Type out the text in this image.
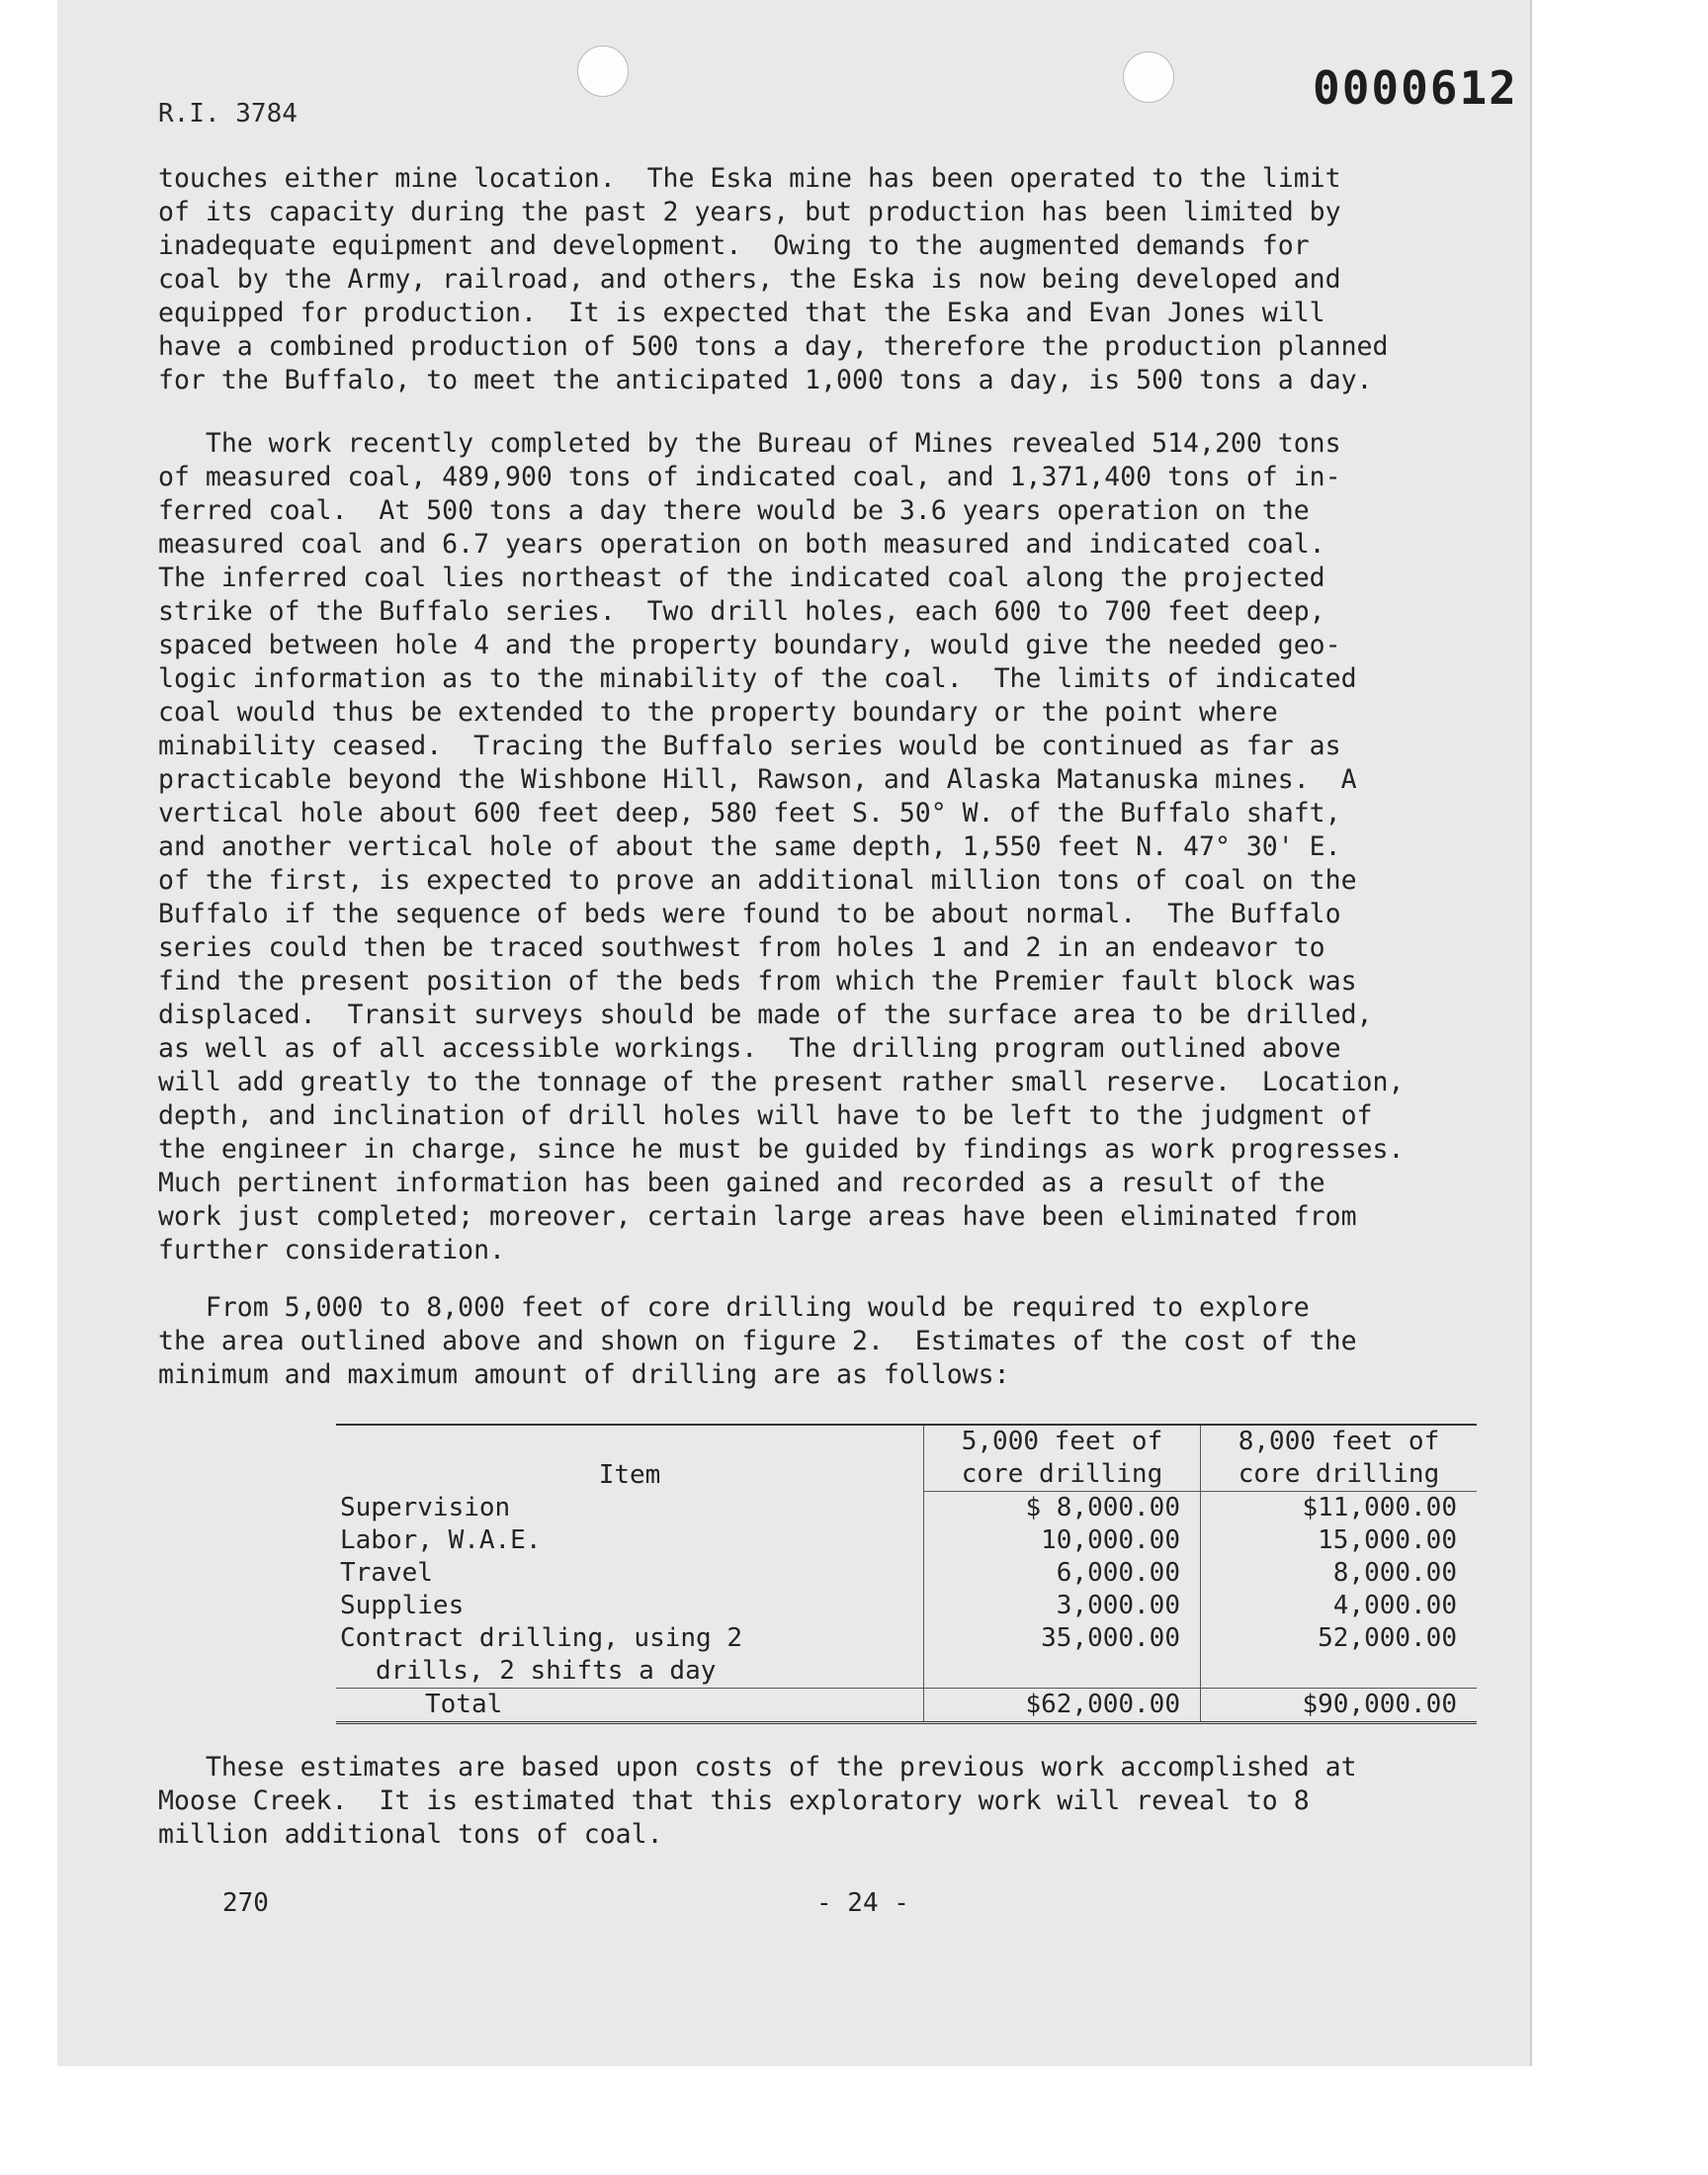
0000612
R.I. 3784
touches either mine location.  The Eska mine has been operated to the limit
of its capacity during the past 2 years, but production has been limited by
inadequate equipment and development.  Owing to the augmented demands for
coal by the Army, railroad, and others, the Eska is now being developed and
equipped for production.  It is expected that the Eska and Evan Jones will
have a combined production of 500 tons a day, therefore the production planned
for the Buffalo, to meet the anticipated 1,000 tons a day, is 500 tons a day.
The work recently completed by the Bureau of Mines revealed 514,200 tons
of measured coal, 489,900 tons of indicated coal, and 1,371,400 tons of in-
ferred coal.  At 500 tons a day there would be 3.6 years operation on the
measured coal and 6.7 years operation on both measured and indicated coal.
The inferred coal lies northeast of the indicated coal along the projected
strike of the Buffalo series.  Two drill holes, each 600 to 700 feet deep,
spaced between hole 4 and the property boundary, would give the needed geo-
logic information as to the minability of the coal.  The limits of indicated
coal would thus be extended to the property boundary or the point where
minability ceased.  Tracing the Buffalo series would be continued as far as
practicable beyond the Wishbone Hill, Rawson, and Alaska Matanuska mines.  A
vertical hole about 600 feet deep, 580 feet S. 50° W. of the Buffalo shaft,
and another vertical hole of about the same depth, 1,550 feet N. 47° 30' E.
of the first, is expected to prove an additional million tons of coal on the
Buffalo if the sequence of beds were found to be about normal.  The Buffalo
series could then be traced southwest from holes 1 and 2 in an endeavor to
find the present position of the beds from which the Premier fault block was
displaced.  Transit surveys should be made of the surface area to be drilled,
as well as of all accessible workings.  The drilling program outlined above
will add greatly to the tonnage of the present rather small reserve.  Location,
depth, and inclination of drill holes will have to be left to the judgment of
the engineer in charge, since he must be guided by findings as work progresses.
Much pertinent information has been gained and recorded as a result of the
work just completed; moreover, certain large areas have been eliminated from
further consideration.
From 5,000 to 8,000 feet of core drilling would be required to explore
the area outlined above and shown on figure 2.  Estimates of the cost of the
minimum and maximum amount of drilling are as follows:
Item	5,000 feet of	8,000 feet of
	core drilling	core drilling
Supervision	$ 8,000.00	$11,000.00
Labor, W.A.E.	10,000.00	15,000.00
Travel	6,000.00	8,000.00
Supplies	3,000.00	4,000.00
Contract drilling, using 2	35,000.00	52,000.00
drills, 2 shifts a day		
Total	$62,000.00	$90,000.00
These estimates are based upon costs of the previous work accomplished at
Moose Creek.  It is estimated that this exploratory work will reveal to 8
million additional tons of coal.
270	- 24 -
